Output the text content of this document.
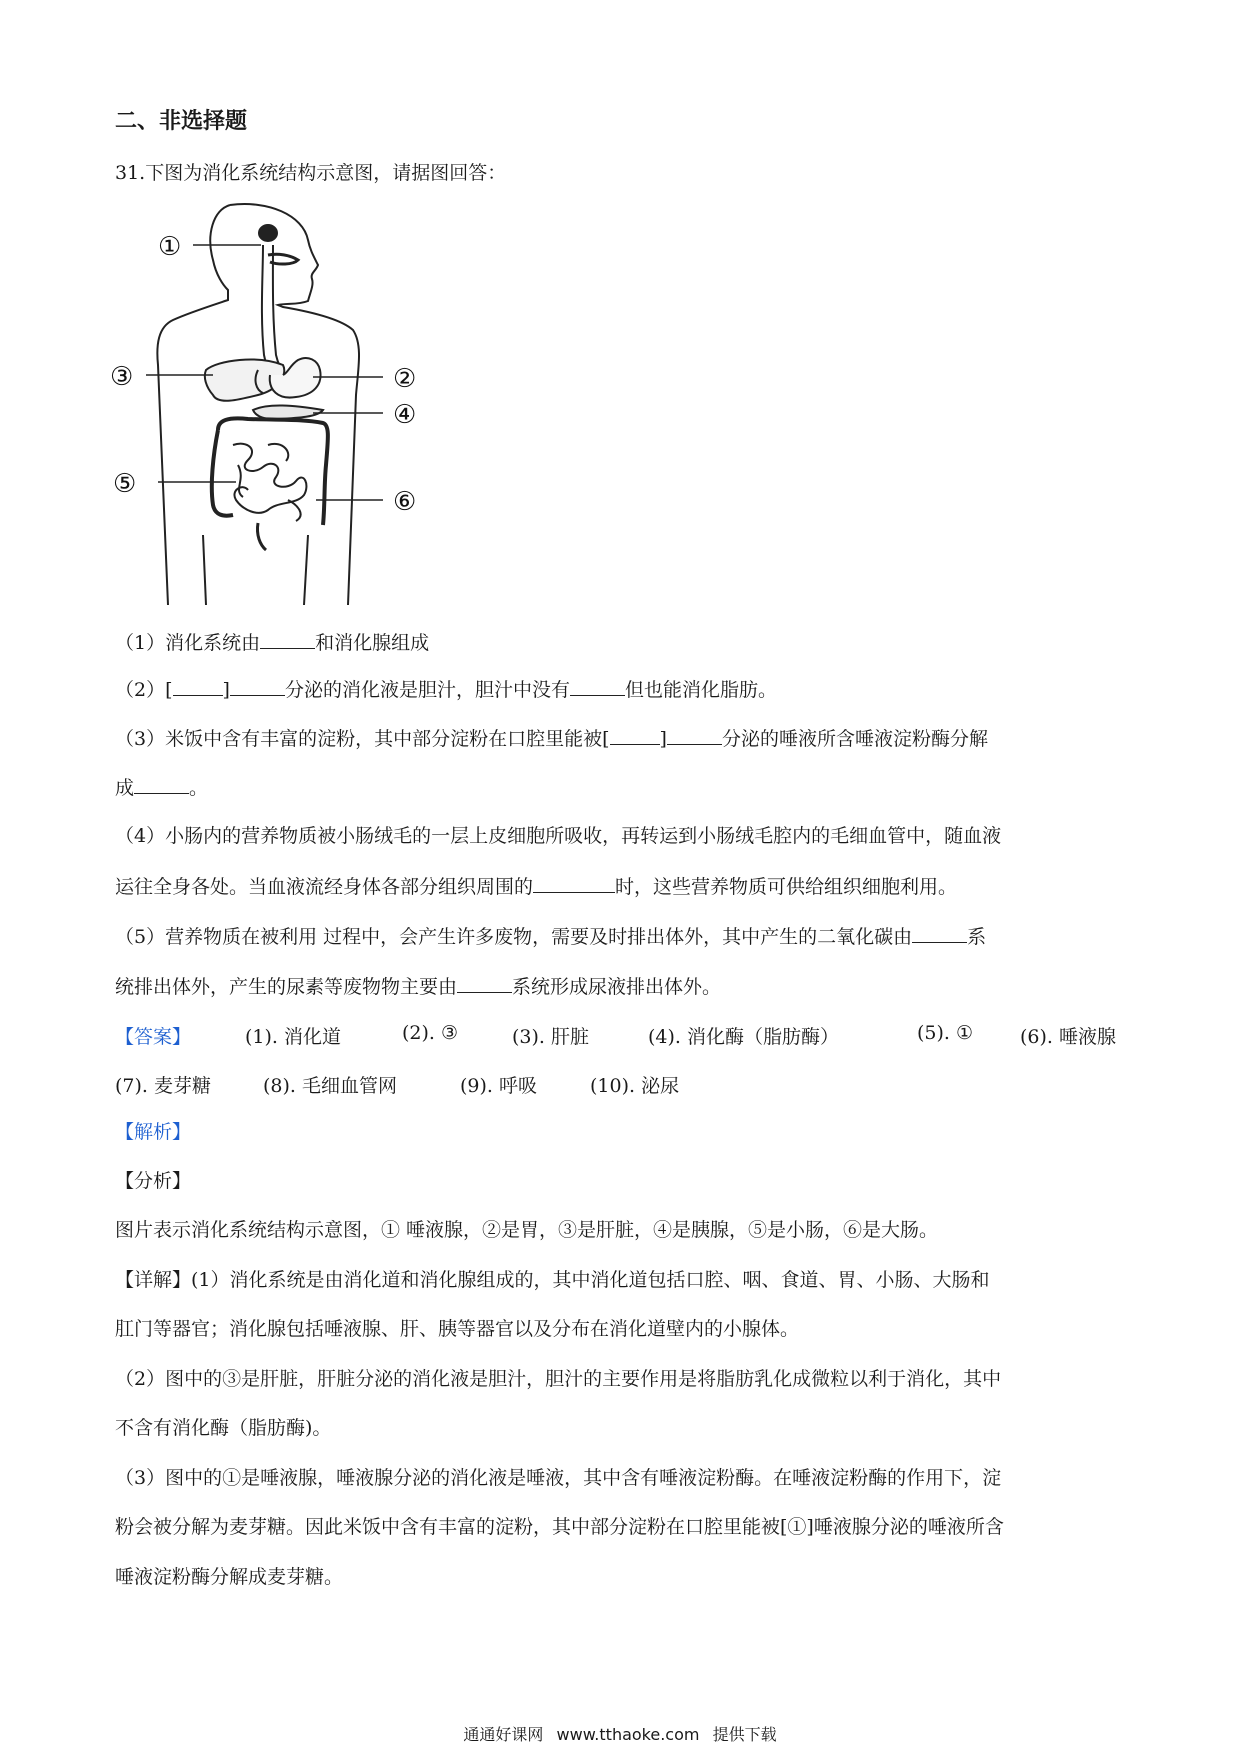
二、非选择题
31.下图为消化系统结构示意图，请据图回答：
①
②
③
④
⑤
⑥
（1）消化系统由	和消化腺组成
（2）[	]	分泌的消化液是胆汁，胆汁中没有	但也能消化脂肪。
（3）米饭中含有丰富的淀粉，其中部分淀粉在口腔里能被[	]	分泌的唾液所含唾液淀粉酶分解
成	。
（4）小肠内的营养物质被小肠绒毛的一层上皮细胞所吸收，再转运到小肠绒毛腔内的毛细血管中，随血液
运往全身各处。当血液流经身体各部分组织周围的	时，这些营养物质可供给组织细胞利用。
（5）营养物质在被利用 过程中，会产生许多废物，需要及时排出体外，其中产生的二氧化碳由	系
统排出体外，产生的尿素等废物物主要由	系统形成尿液排出体外。
【答案】	(1). 消化道	(2). ③	(3). 肝脏	(4). 消化酶（脂肪酶）	(5). ① (6). 唾液腺
(7). 麦芽糖	(8). 毛细血管网	(9). 呼吸	(10). 泌尿
【解析】
【分析】
图片表示消化系统结构示意图，① 唾液腺，②是胃，③是肝脏，④是胰腺，⑤是小肠，⑥是大肠。
【详解】(1）消化系统是由消化道和消化腺组成的，其中消化道包括口腔、咽、食道、胃、小肠、大肠和
肛门等器官；消化腺包括唾液腺、肝、胰等器官以及分布在消化道壁内的小腺体。
（2）图中的③是肝脏，肝脏分泌的消化液是胆汁，胆汁的主要作用是将脂肪乳化成微粒以利于消化，其中
不含有消化酶（脂肪酶)。
（3）图中的①是唾液腺，唾液腺分泌的消化液是唾液，其中含有唾液淀粉酶。在唾液淀粉酶的作用下，淀
粉会被分解为麦芽糖。因此米饭中含有丰富的淀粉，其中部分淀粉在口腔里能被[①]唾液腺分泌的唾液所含
唾液淀粉酶分解成麦芽糖。
通通好课网 www.tthaoke.com 提供下载
